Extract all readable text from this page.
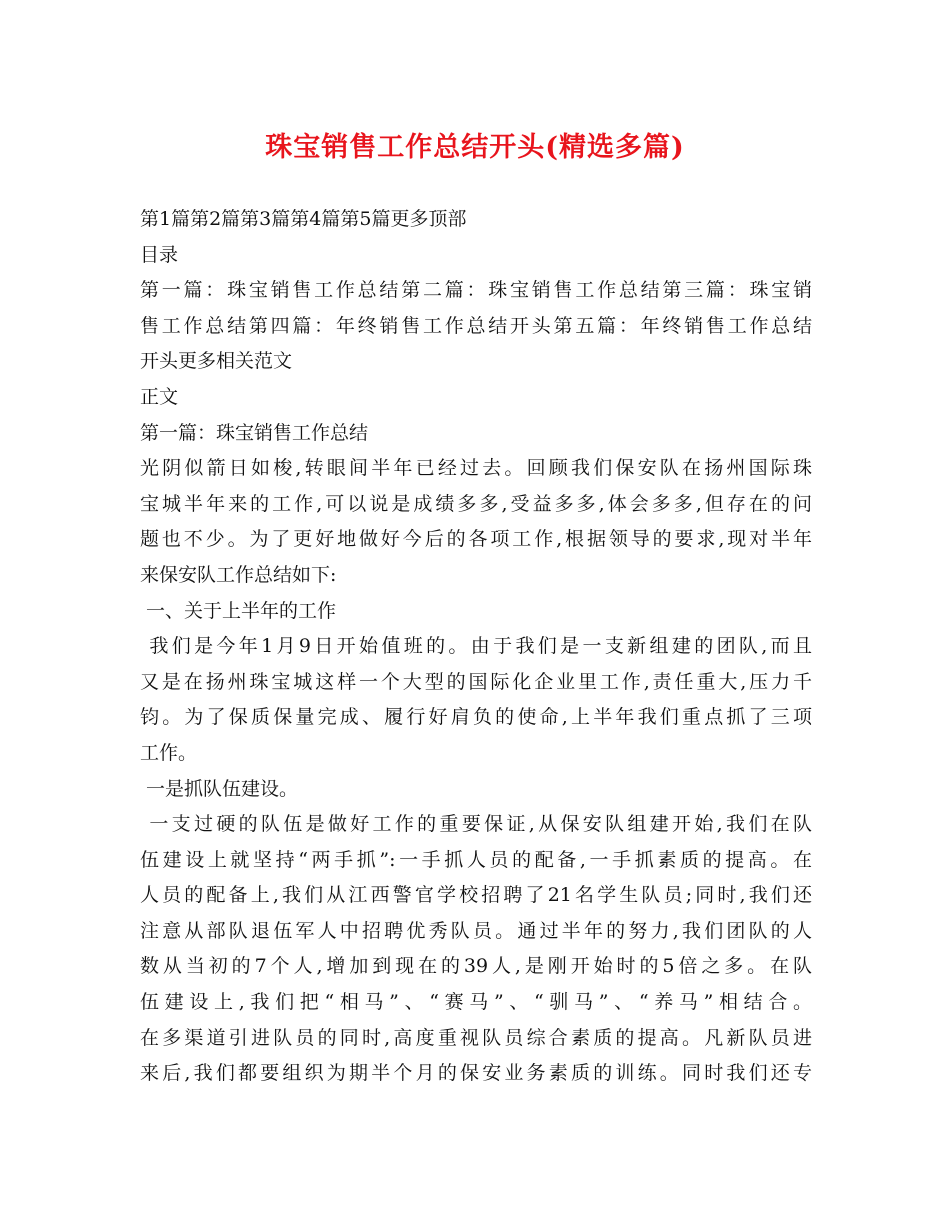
珠宝销售工作总结开头(精选多篇)
第1篇第2篇第3篇第4篇第5篇更多顶部
目录
第一篇：珠宝销售工作总结第二篇：珠宝销售工作总结第三篇：珠宝销
售工作总结第四篇：年终销售工作总结开头第五篇：年终销售工作总结
开头更多相关范文
正文
第一篇：珠宝销售工作总结
光阴似箭日如梭,转眼间半年已经过去。回顾我们保安队在扬州国际珠
宝城半年来的工作,可以说是成绩多多,受益多多,体会多多,但存在的问
题也不少。为了更好地做好今后的各项工作,根据领导的要求,现对半年
来保安队工作总结如下:
一、关于上半年的工作
我们是今年1月9日开始值班的。由于我们是一支新组建的团队,而且
又是在扬州珠宝城这样一个大型的国际化企业里工作,责任重大,压力千
钧。为了保质保量完成、履行好肩负的使命,上半年我们重点抓了三项
工作。
一是抓队伍建设。
一支过硬的队伍是做好工作的重要保证,从保安队组建开始,我们在队
伍建设上就坚持“两手抓”:一手抓人员的配备,一手抓素质的提高。在
人员的配备上,我们从江西警官学校招聘了21名学生队员;同时,我们还
注意从部队退伍军人中招聘优秀队员。通过半年的努力,我们团队的人
数从当初的7个人,增加到现在的39人,是刚开始时的5倍之多。在队
伍建设上,我们把“相马”、“赛马”、“驯马”、“养马”相结合。
在多渠道引进队员的同时,高度重视队员综合素质的提高。凡新队员进
来后,我们都要组织为期半个月的保安业务素质的训练。同时我们还专
